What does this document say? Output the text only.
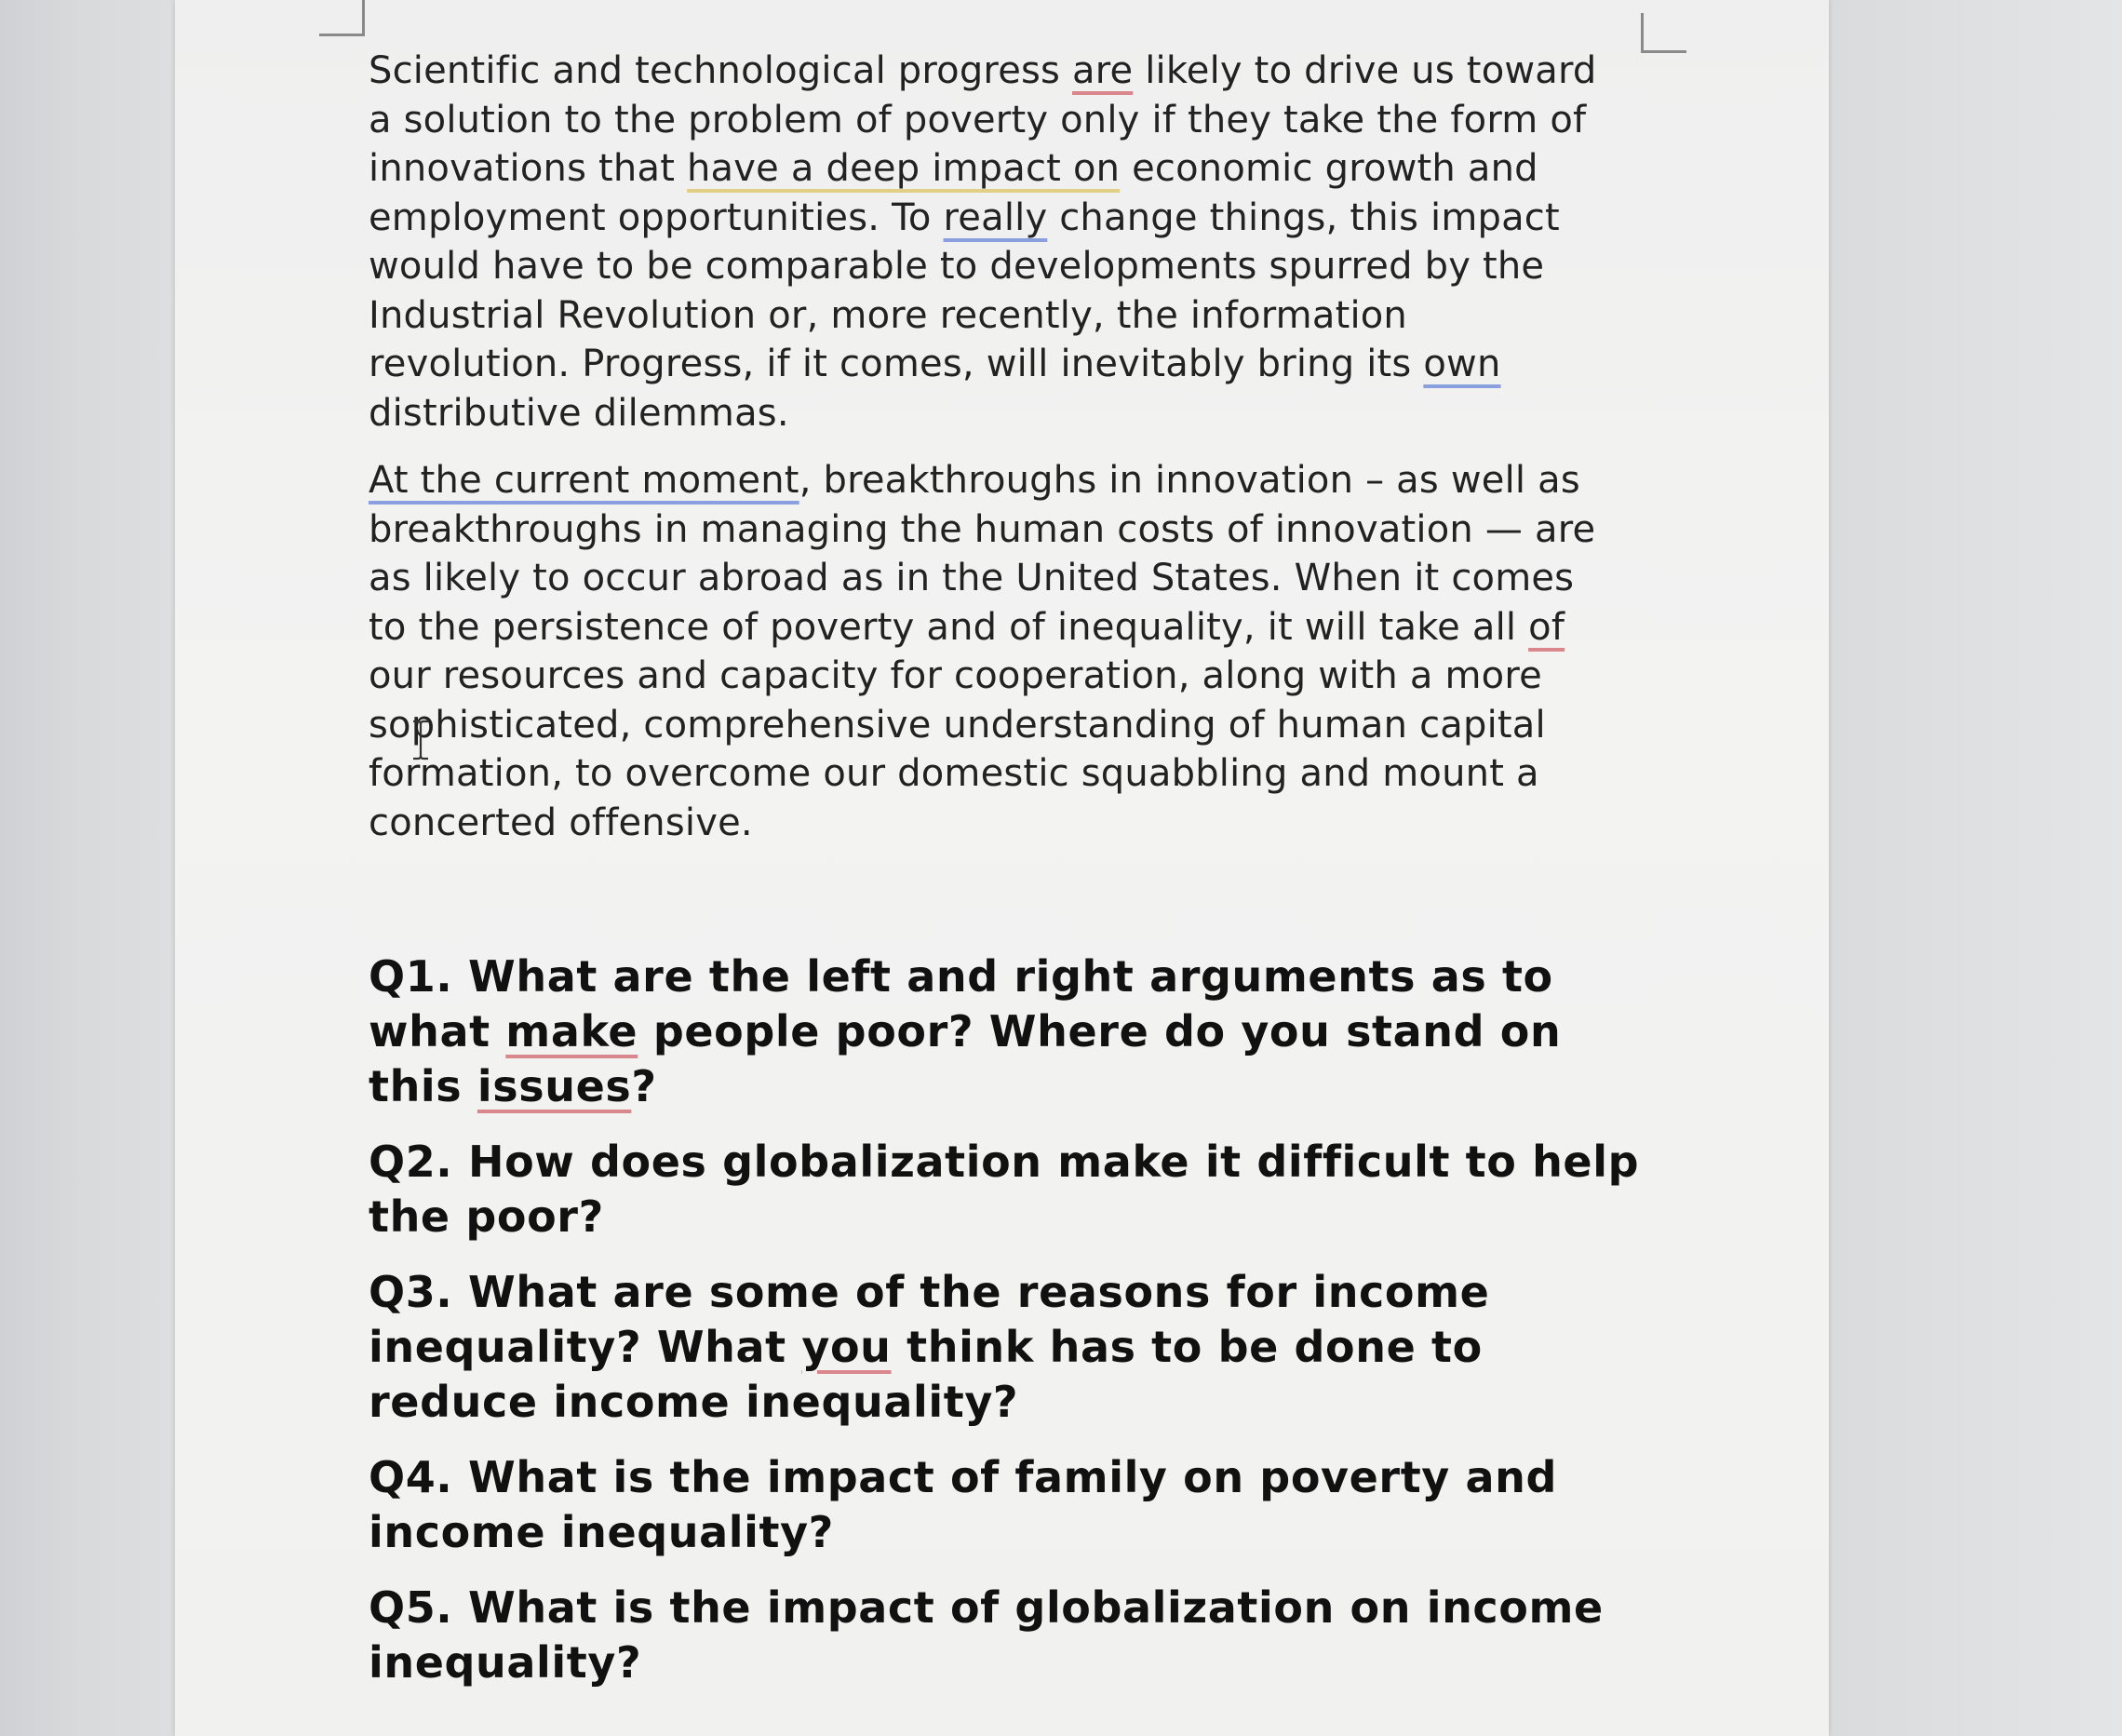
Scientific and technological progress are likely to drive us toward
a solution to the problem of poverty only if they take the form of
innovations that have a deep impact on economic growth and
employment opportunities. To really change things, this impact
would have to be comparable to developments spurred by the
Industrial Revolution or, more recently, the information
revolution. Progress, if it comes, will inevitably bring its own
distributive dilemmas.

At the current moment, breakthroughs in innovation – as well as
breakthroughs in managing the human costs of innovation — are
as likely to occur abroad as in the United States. When it comes
to the persistence of poverty and of inequality, it will take all of
our resources and capacity for cooperation, along with a more
sophisticated, comprehensive understanding of human capital
formation, to overcome our domestic squabbling and mount a
concerted offensive.

Q1. What are the left and right arguments as to
what make people poor? Where do you stand on
this issues?

Q2. How does globalization make it difficult to help
the poor?

Q3. What are some of the reasons for income
inequality? What you think has to be done to
reduce income inequality?

Q4. What is the impact of family on poverty and
income inequality?

Q5. What is the impact of globalization on income
inequality?
